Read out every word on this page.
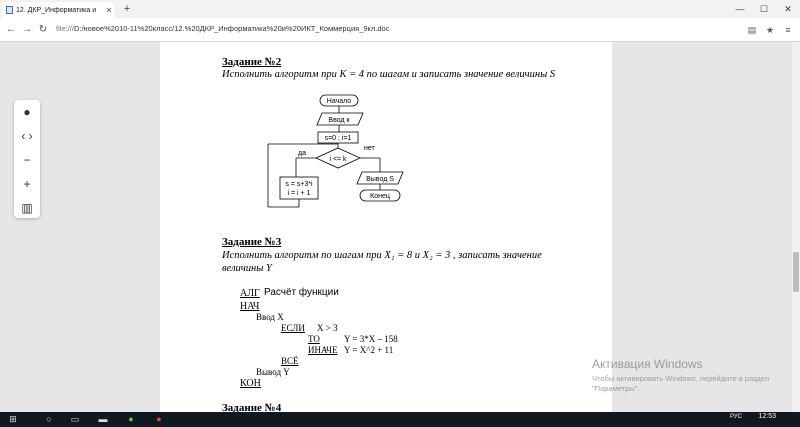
12. ДКР_Информатика и	✕	+	—	☐	✕
← → ↻	file:///D:/новое%2010-11%20класс/12.%20ДКР_Информатика%20и%20ИКТ_Коммерция_9кл.doc	▤ ★	≡
Задание №2
Исполнить алгоритм при K = 4 по шагам и записать значение величины S
Начало
Ввод к
s=0 ; i=1
i <= k
да
s = s+3*i
i = i + 1
нет
Вывод S
Конец
Задание №3
Исполнить алгоритм по шагам при X₁ = 8 и X₂ = 3 , записать значение
величины Y
АЛГ Расчёт функции
НАЧ
Ввод X
ЕСЛИ X > 3
ТО	Y = 3*X – 158
ИНАЧЕ Y = X^2 + 11
ВСЁ
Вывод Y
КОН
Задание №4
●
‹ ›
−
+
▥
Активация Windows
Чтобы активировать Windows, перейдите в раздел "Параметры".
⊞	○	▭	▬	●	●	РУС 12:53
